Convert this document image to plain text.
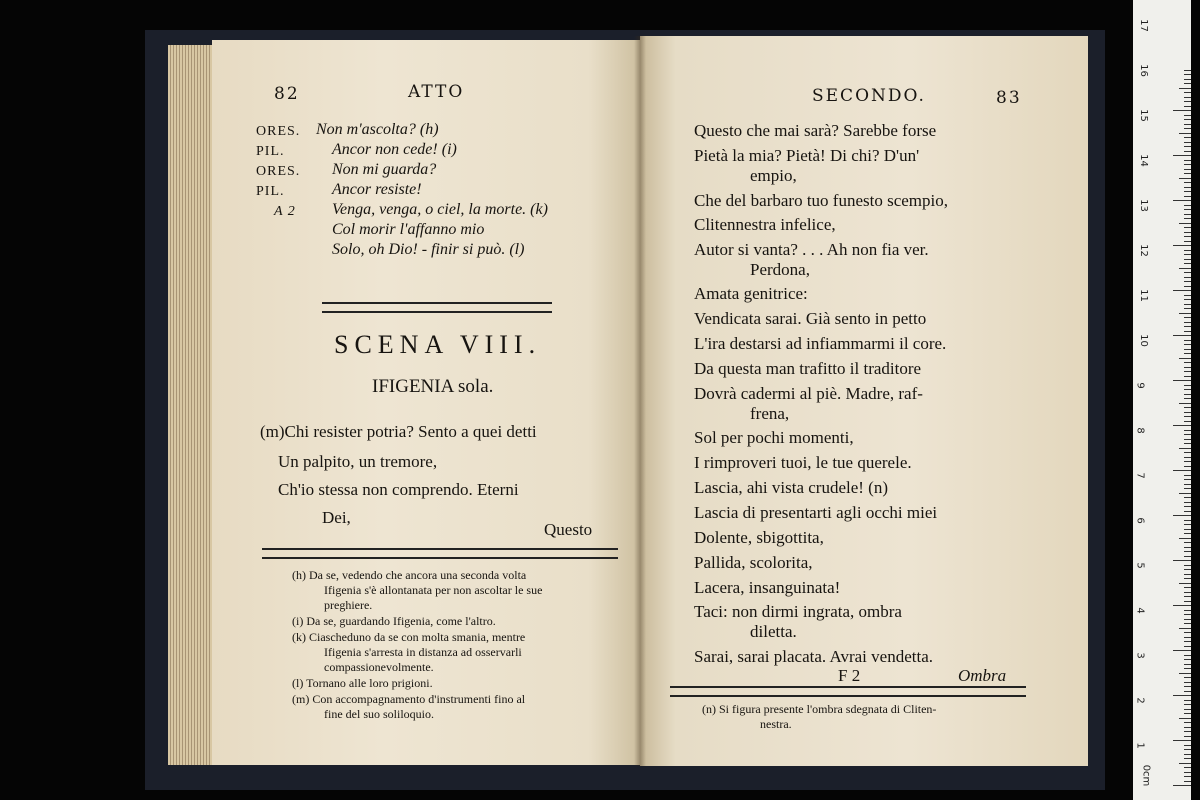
82	ATTO
ORES. Non m'ascolta? (h)
PIL.	Ancor non cede! (i)
ORES. Non mi guarda?
PIL.	Ancor resiste!
A 2 Venga, venga, o ciel, la morte. (k)
Col morir l'affanno mio
Solo, oh Dio! - finir si può. (l)
SCENA VIII.
IFIGENIA sola.
(m)Chi resister potria? Sento a quei detti
Un palpito, un tremore,
Ch'io stessa non comprendo. Eterni
Dei,
Questo
(h) Da se, vedendo che ancora una seconda volta
Ifigenia s'è allontanata per non ascoltar le sue
preghiere.
(i) Da se, guardando Ifigenia, come l'altro.
(k) Ciascheduno da se con molta smania, mentre
Ifigenia s'arresta in distanza ad osservarli
compassionevolmente.
(l) Tornano alle loro prigioni.
(m) Con accompagnamento d'instrumenti fino al
fine del suo soliloquio.
SECONDO.	83
Questo che mai sarà? Sarebbe forse
Pietà la mia? Pietà! Di chi? D'un'
empio,
Che del barbaro tuo funesto scempio,
Clitennestra infelice,
Autor si vanta? . . . Ah non fia ver.
Perdona,
Amata genitrice:
Vendicata sarai. Già sento in petto
L'ira destarsi ad infiammarmi il core.
Da questa man trafitto il traditore
Dovrà cadermi al piè. Madre, raf-
frena,
Sol per pochi momenti,
I rimproveri tuoi, le tue querele.
Lascia, ahi vista crudele! (n)
Lascia di presentarti agli occhi miei
Dolente, sbigottita,
Pallida, scolorita,
Lacera, insanguinata!
Taci: non dirmi ingrata, ombra
diletta.
Sarai, sarai placata. Avrai vendetta.
F 2	Ombra
(n) Si figura presente l'ombra sdegnata di Cliten-
nestra.
0cm
1
2
3
4
5
6
7
8
9
10
11
12
13
14
15
16
17
